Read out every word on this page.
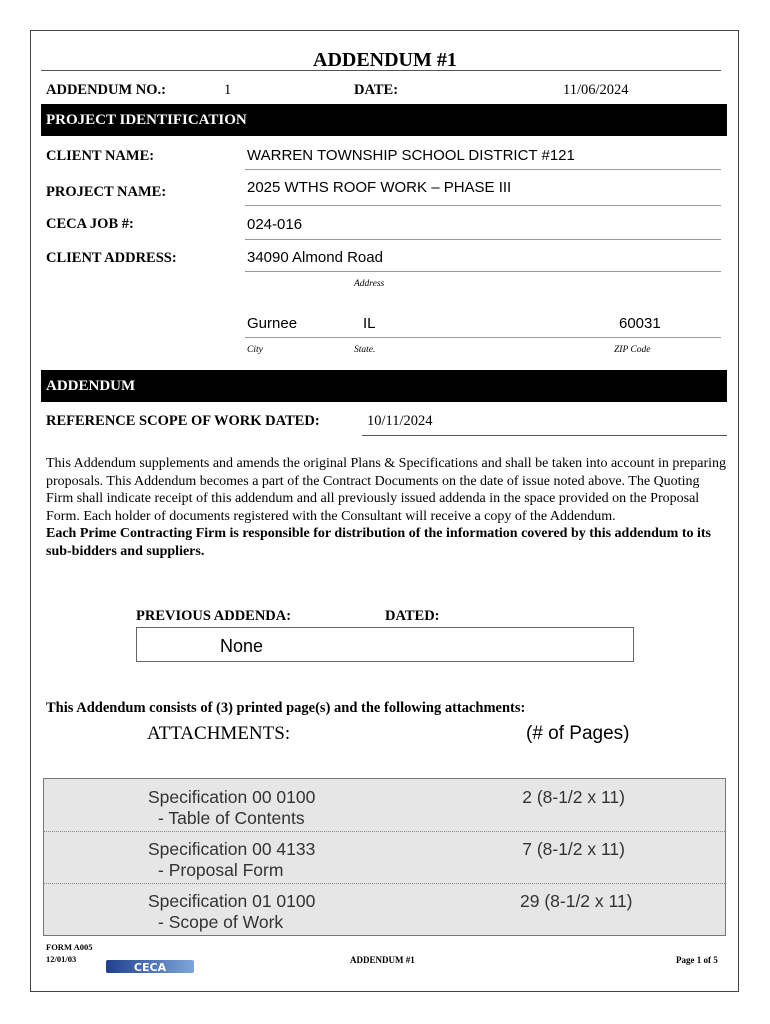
ADDENDUM #1
ADDENDUM NO.:	1	DATE:	11/06/2024
PROJECT IDENTIFICATION
CLIENT NAME:	WARREN TOWNSHIP SCHOOL DISTRICT #121
PROJECT NAME:	2025 WTHS ROOF WORK – PHASE III
CECA JOB #:	024-016
CLIENT ADDRESS:	34090 Almond Road
Address
Gurnee	IL	60031
City	State.	ZIP Code
ADDENDUM
REFERENCE SCOPE OF WORK DATED:	10/11/2024
This Addendum supplements and amends the original Plans & Specifications and shall be taken into account in preparing proposals. This Addendum becomes a part of the Contract Documents on the date of issue noted above. The Quoting Firm shall indicate receipt of this addendum and all previously issued addenda in the space provided on the Proposal Form. Each holder of documents registered with the Consultant will receive a copy of the Addendum.
Each Prime Contracting Firm is responsible for distribution of the information covered by this addendum to its sub-bidders and suppliers.
PREVIOUS ADDENDA:	DATED:
None
This Addendum consists of (3) printed page(s) and the following attachments:
ATTACHMENTS:	(# of Pages)
Specification 00 0100
- Table of Contents
2 (8-1/2 x 11)
Specification 00 4133
- Proposal Form
7 (8-1/2 x 11)
Specification 01 0100
- Scope of Work
29 (8-1/2 x 11)
FORM A005
12/01/03
CECA
ADDENDUM #1	Page 1 of 5
